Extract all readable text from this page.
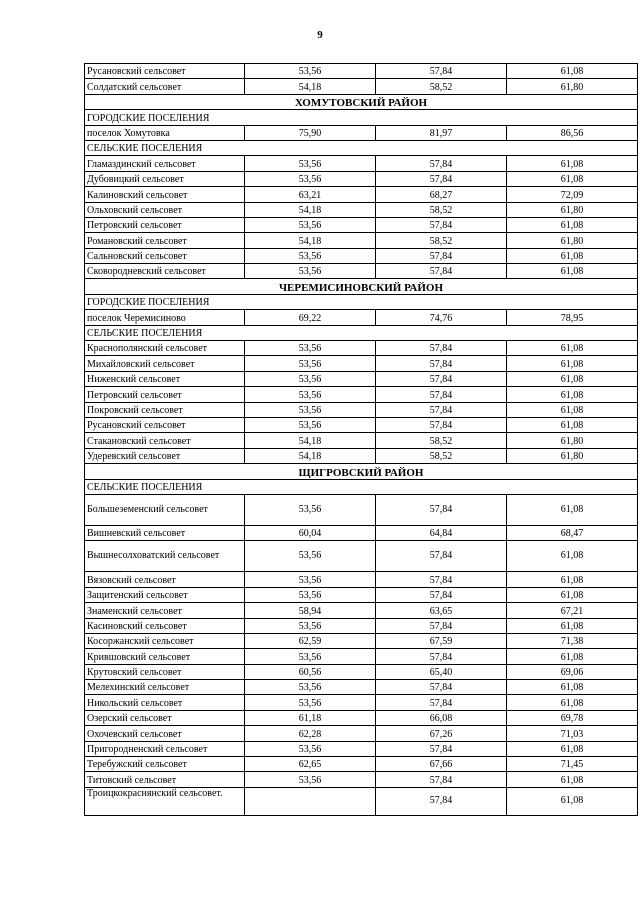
9
Русановский сельсовет	53,56	57,84	61,08
Солдатский сельсовет	54,18	58,52	61,80
ХОМУТОВСКИЙ РАЙОН			
ГОРОДСКИЕ ПОСЕЛЕНИЯ			
поселок Хомутовка	75,90	81,97	86,56
СЕЛЬСКИЕ ПОСЕЛЕНИЯ			
Гламаздинский сельсовет	53,56	57,84	61,08
Дубовицкий сельсовет	53,56	57,84	61,08
Калиновский сельсовет	63,21	68,27	72,09
Ольховский сельсовет	54,18	58,52	61,80
Петровский сельсовет	53,56	57,84	61,08
Романовский сельсовет	54,18	58,52	61,80
Сальновский сельсовет	53,56	57,84	61,08
Сковородневский сельсовет	53,56	57,84	61,08
ЧЕРЕМИСИНОВСКИЙ РАЙОН			
ГОРОДСКИЕ ПОСЕЛЕНИЯ			
поселок Черемисиново	69,22	74,76	78,95
СЕЛЬСКИЕ ПОСЕЛЕНИЯ			
Краснополянский сельсовет	53,56	57,84	61,08
Михайловский сельсовет	53,56	57,84	61,08
Ниженский сельсовет	53,56	57,84	61,08
Петровский сельсовет	53,56	57,84	61,08
Покровский сельсовет	53,56	57,84	61,08
Русановский сельсовет	53,56	57,84	61,08
Стакановский сельсовет	54,18	58,52	61,80
Удеревский сельсовет	54,18	58,52	61,80
ЩИГРОВСКИЙ РАЙОН			
СЕЛЬСКИЕ ПОСЕЛЕНИЯ			
Большеземенский сельсовет	53,56	57,84	61,08
Вишневский сельсовет	60,04	64,84	68,47
Вышнесолховатский сельсовет	53,56	57,84	61,08
Вязовский сельсовет	53,56	57,84	61,08
Защитенский сельсовет	53,56	57,84	61,08
Знаменский сельсовет	58,94	63,65	67,21
Касиновский сельсовет	53,56	57,84	61,08
Косоржанский сельсовет	62,59	67,59	71,38
Крившовский сельсовет	53,56	57,84	61,08
Крутовский сельсовет	60,56	65,40	69,06
Мелехинский сельсовет	53,56	57,84	61,08
Никольский сельсовет	53,56	57,84	61,08
Озерский сельсовет	61,18	66,08	69,78
Охочевский сельсовет	62,28	67,26	71,03
Пригородненский сельсовет	53,56	57,84	61,08
Теребужский сельсовет	62,65	67,66	71,45
Титовский сельсовет	53,56	57,84	61,08
Троицкокраснянский сельсовет.		57,84	61,08
